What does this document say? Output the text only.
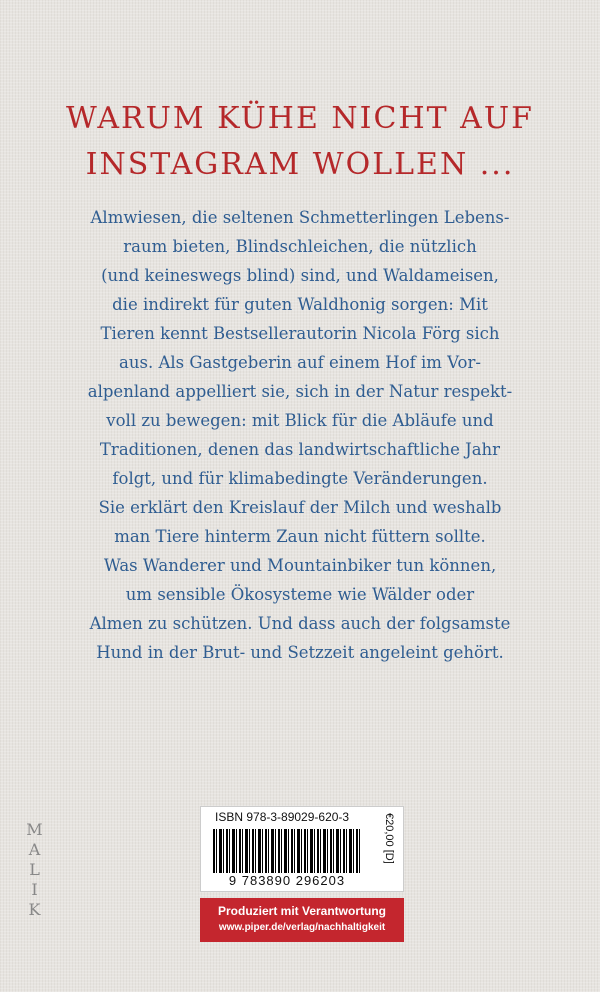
WARUM KÜHE NICHT AUF
INSTAGRAM WOLLEN ...
Almwiesen, die seltenen Schmetterlingen Lebens-
raum bieten, Blindschleichen, die nützlich
(und keineswegs blind) sind, und Waldameisen,
die indirekt für guten Waldhonig sorgen: Mit
Tieren kennt Bestsellerautorin Nicola Förg sich
aus. Als Gastgeberin auf einem Hof im Vor-
alpenland appelliert sie, sich in der Natur respekt-
voll zu bewegen: mit Blick für die Abläufe und
Traditionen, denen das landwirtschaftliche Jahr
folgt, und für klimabedingte Veränderungen.
Sie erklärt den Kreislauf der Milch und weshalb
man Tiere hinterm Zaun nicht füttern sollte.
Was Wanderer und Mountainbiker tun können,
um sensible Ökosysteme wie Wälder oder
Almen zu schützen. Und dass auch der folgsamste
Hund in der Brut- und Setzzeit angeleint gehört.
MALIK
ISBN 978-3-89029-620-3
9 783890 296203
€20,00 [D]
Produziert mit Verantwortung
www.piper.de/verlag/nachhaltigkeit
